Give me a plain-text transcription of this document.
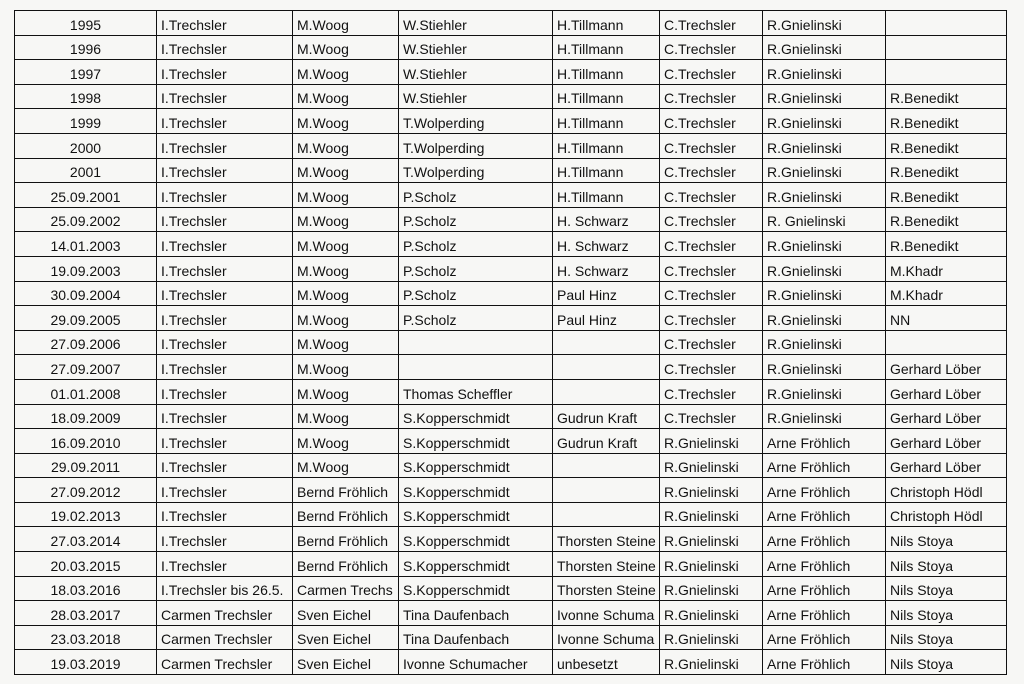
1995	I.Trechsler	M.Woog	W.Stiehler	H.Tillmann	C.Trechsler	R.Gnielinski	
1996	I.Trechsler	M.Woog	W.Stiehler	H.Tillmann	C.Trechsler	R.Gnielinski	
1997	I.Trechsler	M.Woog	W.Stiehler	H.Tillmann	C.Trechsler	R.Gnielinski	
1998	I.Trechsler	M.Woog	W.Stiehler	H.Tillmann	C.Trechsler	R.Gnielinski	R.Benedikt
1999	I.Trechsler	M.Woog	T.Wolperding	H.Tillmann	C.Trechsler	R.Gnielinski	R.Benedikt
2000	I.Trechsler	M.Woog	T.Wolperding	H.Tillmann	C.Trechsler	R.Gnielinski	R.Benedikt
2001	I.Trechsler	M.Woog	T.Wolperding	H.Tillmann	C.Trechsler	R.Gnielinski	R.Benedikt
25.09.2001	I.Trechsler	M.Woog	P.Scholz	H.Tillmann	C.Trechsler	R.Gnielinski	R.Benedikt
25.09.2002	I.Trechsler	M.Woog	P.Scholz	H. Schwarz	C.Trechsler	R. Gnielinski	R.Benedikt
14.01.2003	I.Trechsler	M.Woog	P.Scholz	H. Schwarz	C.Trechsler	R.Gnielinski	R.Benedikt
19.09.2003	I.Trechsler	M.Woog	P.Scholz	H. Schwarz	C.Trechsler	R.Gnielinski	M.Khadr
30.09.2004	I.Trechsler	M.Woog	P.Scholz	Paul Hinz	C.Trechsler	R.Gnielinski	M.Khadr
29.09.2005	I.Trechsler	M.Woog	P.Scholz	Paul Hinz	C.Trechsler	R.Gnielinski	NN
27.09.2006	I.Trechsler	M.Woog			C.Trechsler	R.Gnielinski	
27.09.2007	I.Trechsler	M.Woog			C.Trechsler	R.Gnielinski	Gerhard Löber
01.01.2008	I.Trechsler	M.Woog	Thomas Scheffler		C.Trechsler	R.Gnielinski	Gerhard Löber
18.09.2009	I.Trechsler	M.Woog	S.Kopperschmidt	Gudrun Kraft	C.Trechsler	R.Gnielinski	Gerhard Löber
16.09.2010	I.Trechsler	M.Woog	S.Kopperschmidt	Gudrun Kraft	R.Gnielinski	Arne Fröhlich	Gerhard Löber
29.09.2011	I.Trechsler	M.Woog	S.Kopperschmidt		R.Gnielinski	Arne Fröhlich	Gerhard Löber
27.09.2012	I.Trechsler	Bernd Fröhlich	S.Kopperschmidt		R.Gnielinski	Arne Fröhlich	Christoph Hödl
19.02.2013	I.Trechsler	Bernd Fröhlich	S.Kopperschmidt		R.Gnielinski	Arne Fröhlich	Christoph Hödl
27.03.2014	I.Trechsler	Bernd Fröhlich	S.Kopperschmidt	Thorsten Steine	R.Gnielinski	Arne Fröhlich	Nils Stoya
20.03.2015	I.Trechsler	Bernd Fröhlich	S.Kopperschmidt	Thorsten Steine	R.Gnielinski	Arne Fröhlich	Nils Stoya
18.03.2016	I.Trechsler bis 26.5.	Carmen Trechs	S.Kopperschmidt	Thorsten Steine	R.Gnielinski	Arne Fröhlich	Nils Stoya
28.03.2017	Carmen Trechsler	Sven Eichel	Tina Daufenbach	Ivonne Schuma	R.Gnielinski	Arne Fröhlich	Nils Stoya
23.03.2018	Carmen Trechsler	Sven Eichel	Tina Daufenbach	Ivonne Schuma	R.Gnielinski	Arne Fröhlich	Nils Stoya
19.03.2019	Carmen Trechsler	Sven Eichel	Ivonne Schumacher	unbesetzt	R.Gnielinski	Arne Fröhlich	Nils Stoya
